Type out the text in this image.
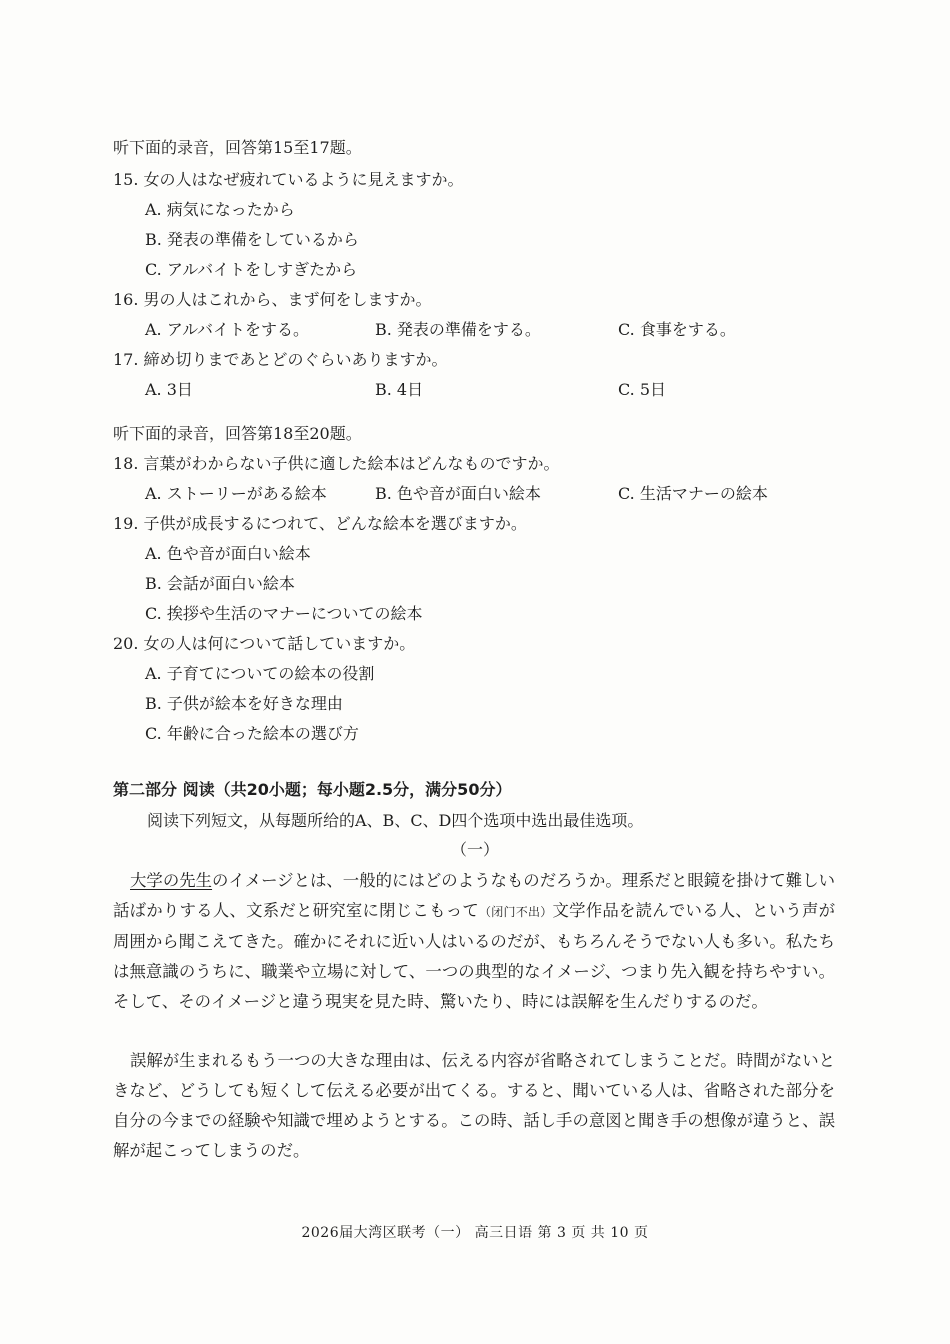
听下面的录音，回答第15至17题。
15. 女の人はなぜ疲れているように見えますか。
A. 病気になったから
B. 発表の準備をしているから
C. アルバイトをしすぎたから
16. 男の人はこれから、まず何をしますか。
A. アルバイトをする。	B. 発表の準備をする。	C. 食事をする。
17. 締め切りまであとどのぐらいありますか。
A. 3日	B. 4日	C. 5日
听下面的录音，回答第18至20题。
18. 言葉がわからない子供に適した絵本はどんなものですか。
A. ストーリーがある絵本	B. 色や音が面白い絵本	C. 生活マナーの絵本
19. 子供が成長するにつれて、どんな絵本を選びますか。
A. 色や音が面白い絵本
B. 会話が面白い絵本
C. 挨拶や生活のマナーについての絵本
20. 女の人は何について話していますか。
A. 子育てについての絵本の役割
B. 子供が絵本を好きな理由
C. 年齢に合った絵本の選び方
第二部分 阅读（共20小题；每小题2.5分，满分50分）
阅读下列短文，从每题所给的A、B、C、D四个选项中选出最佳选项。
（一）
大学の先生のイメージとは、一般的にはどのようなものだろうか。理系だと眼鏡を掛けて難しい話ばかりする人、文系だと研究室に閉じこもって（闭门不出）文学作品を読んでいる人、という声が周囲から聞こえてきた。確かにそれに近い人はいるのだが、もちろんそうでない人も多い。私たちは無意識のうちに、職業や立場に対して、一つの典型的なイメージ、つまり先入観を持ちやすい。そして、そのイメージと違う現実を見た時、驚いたり、時には誤解を生んだりするのだ。
誤解が生まれるもう一つの大きな理由は、伝える内容が省略されてしまうことだ。時間がないときなど、どうしても短くして伝える必要が出てくる。すると、聞いている人は、省略された部分を自分の今までの経験や知識で埋めようとする。この時、話し手の意図と聞き手の想像が違うと、誤解が起こってしまうのだ。
2026届大湾区联考（一） 高三日语 第 3 页 共 10 页
